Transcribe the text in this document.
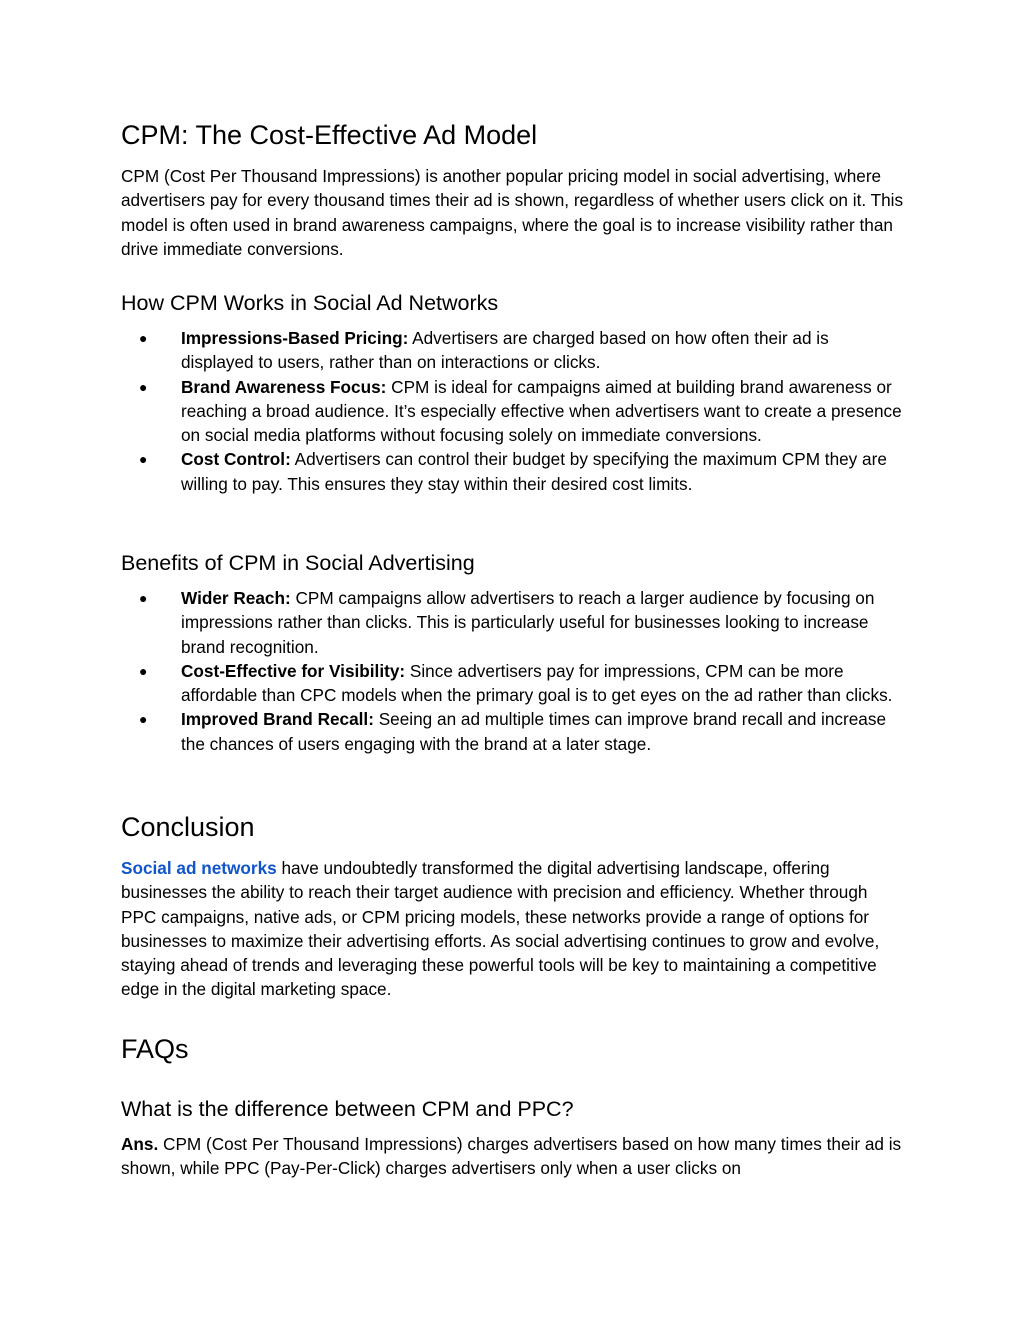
CPM: The Cost-Effective Ad Model

CPM (Cost Per Thousand Impressions) is another popular pricing model in social advertising, where advertisers pay for every thousand times their ad is shown, regardless of whether users click on it. This model is often used in brand awareness campaigns, where the goal is to increase visibility rather than drive immediate conversions.

How CPM Works in Social Ad Networks
● Impressions-Based Pricing: Advertisers are charged based on how often their ad is displayed to users, rather than on interactions or clicks.
● Brand Awareness Focus: CPM is ideal for campaigns aimed at building brand awareness or reaching a broad audience. It’s especially effective when advertisers want to create a presence on social media platforms without focusing solely on immediate conversions.
● Cost Control: Advertisers can control their budget by specifying the maximum CPM they are willing to pay. This ensures they stay within their desired cost limits.
Benefits of CPM in Social Advertising
● Wider Reach: CPM campaigns allow advertisers to reach a larger audience by focusing on impressions rather than clicks. This is particularly useful for businesses looking to increase brand recognition.
● Cost-Effective for Visibility: Since advertisers pay for impressions, CPM can be more affordable than CPC models when the primary goal is to get eyes on the ad rather than clicks.
● Improved Brand Recall: Seeing an ad multiple times can improve brand recall and increase the chances of users engaging with the brand at a later stage.
Conclusion

Social ad networks have undoubtedly transformed the digital advertising landscape, offering businesses the ability to reach their target audience with precision and efficiency. Whether through PPC campaigns, native ads, or CPM pricing models, these networks provide a range of options for businesses to maximize their advertising efforts. As social advertising continues to grow and evolve, staying ahead of trends and leveraging these powerful tools will be key to maintaining a competitive edge in the digital marketing space.

FAQs
What is the difference between CPM and PPC?

Ans. CPM (Cost Per Thousand Impressions) charges advertisers based on how many times their ad is shown, while PPC (Pay-Per-Click) charges advertisers only when a user clicks on
